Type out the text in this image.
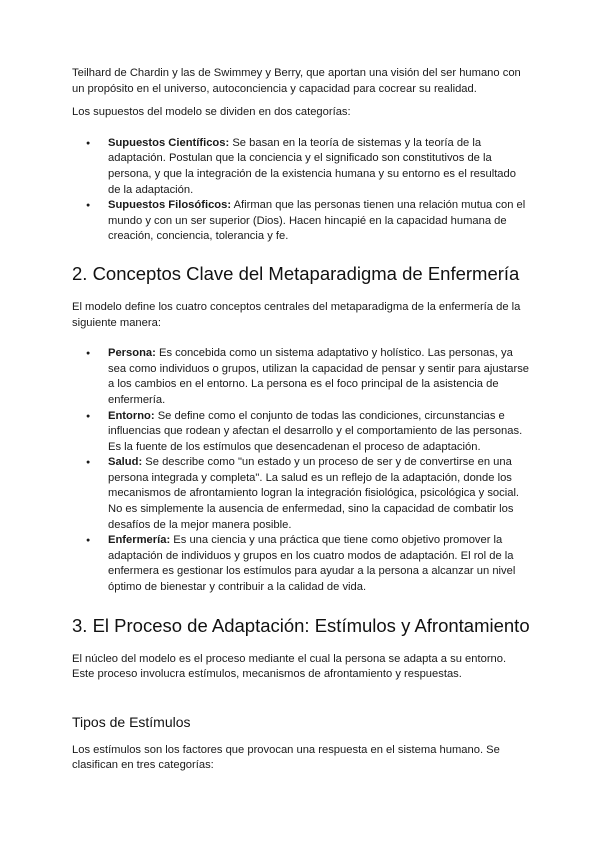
Teilhard de Chardin y las de Swimmey y Berry, que aportan una visión del ser humano con un propósito en el universo, autoconciencia y capacidad para cocrear su realidad.

Los supuestos del modelo se dividen en dos categorías:

● Supuestos Científicos: Se basan en la teoría de sistemas y la teoría de la adaptación. Postulan que la conciencia y el significado son constitutivos de la persona, y que la integración de la existencia humana y su entorno es el resultado de la adaptación.
● Supuestos Filosóficos: Afirman que las personas tienen una relación mutua con el mundo y con un ser superior (Dios). Hacen hincapié en la capacidad humana de creación, conciencia, tolerancia y fe.
2. Conceptos Clave del Metaparadigma de Enfermería

El modelo define los cuatro conceptos centrales del metaparadigma de la enfermería de la siguiente manera:

● Persona: Es concebida como un sistema adaptativo y holístico. Las personas, ya sea como individuos o grupos, utilizan la capacidad de pensar y sentir para ajustarse a los cambios en el entorno. La persona es el foco principal de la asistencia de enfermería.
● Entorno: Se define como el conjunto de todas las condiciones, circunstancias e influencias que rodean y afectan el desarrollo y el comportamiento de las personas. Es la fuente de los estímulos que desencadenan el proceso de adaptación.
● Salud: Se describe como "un estado y un proceso de ser y de convertirse en una persona integrada y completa". La salud es un reflejo de la adaptación, donde los mecanismos de afrontamiento logran la integración fisiológica, psicológica y social. No es simplemente la ausencia de enfermedad, sino la capacidad de combatir los desafíos de la mejor manera posible.
● Enfermería: Es una ciencia y una práctica que tiene como objetivo promover la adaptación de individuos y grupos en los cuatro modos de adaptación. El rol de la enfermera es gestionar los estímulos para ayudar a la persona a alcanzar un nivel óptimo de bienestar y contribuir a la calidad de vida.
3. El Proceso de Adaptación: Estímulos y Afrontamiento

El núcleo del modelo es el proceso mediante el cual la persona se adapta a su entorno. Este proceso involucra estímulos, mecanismos de afrontamiento y respuestas.

Tipos de Estímulos

Los estímulos son los factores que provocan una respuesta en el sistema humano. Se clasifican en tres categorías:
